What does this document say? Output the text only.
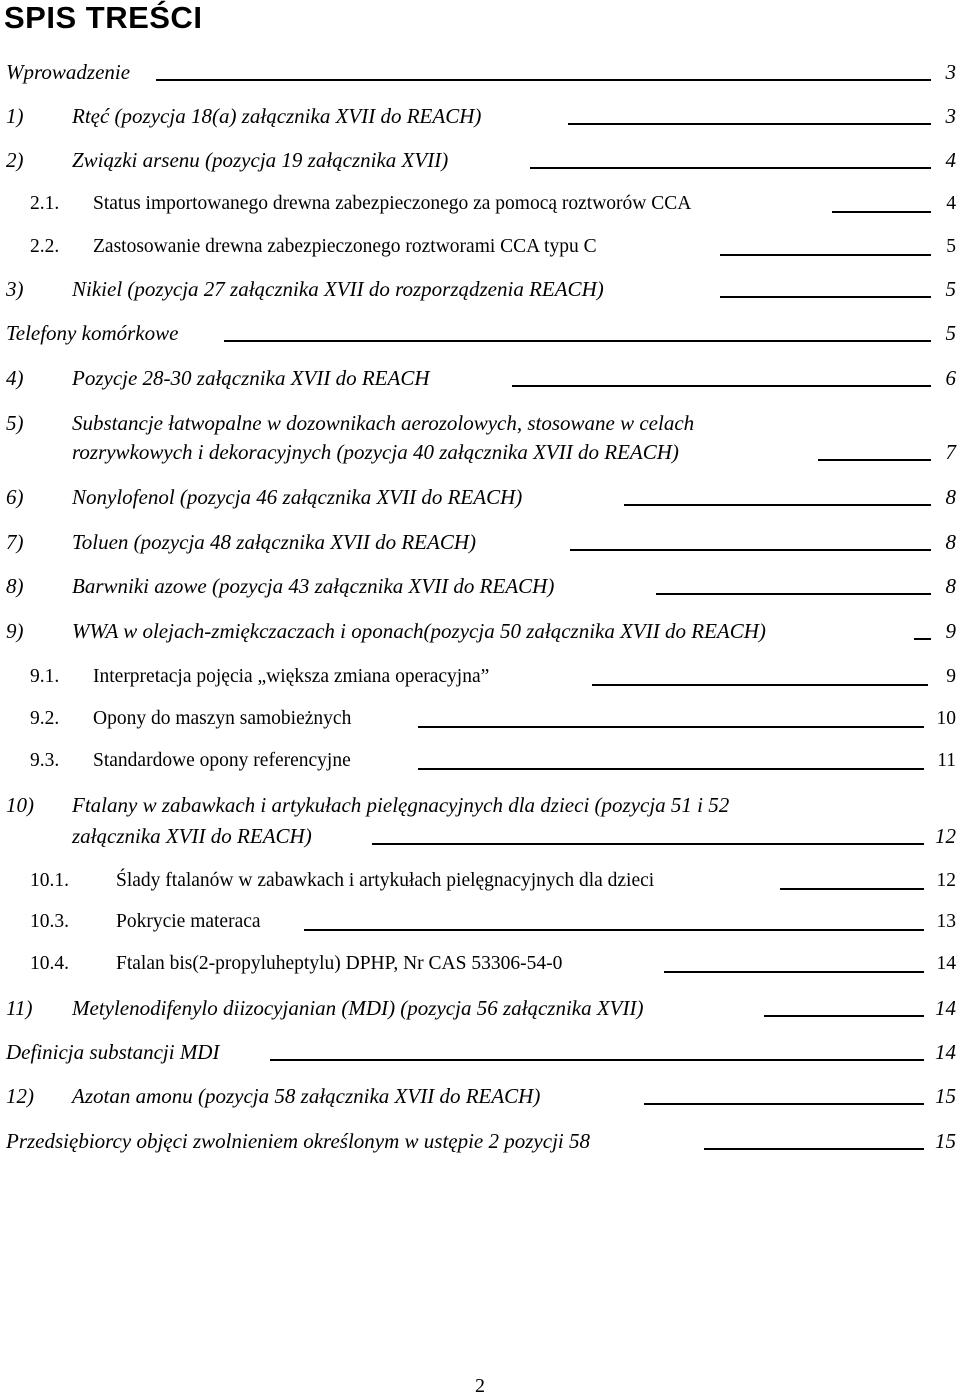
SPIS TREŚCI
Wprowadzenie	3
1) Rtęć (pozycja 18(a) załącznika XVII do REACH)	3
2) Związki arsenu (pozycja 19 załącznika XVII)	4
2.1. Status importowanego drewna zabezpieczonego za pomocą roztworów CCA	4
2.2. Zastosowanie drewna zabezpieczonego roztworami CCA typu C	5
3) Nikiel (pozycja 27 załącznika XVII do rozporządzenia REACH)	5
Telefony komórkowe	5
4) Pozycje 28-30 załącznika XVII do REACH	6
5) Substancje łatwopalne w dozownikach aerozolowych, stosowane w celach
rozrywkowych i dekoracyjnych (pozycja 40 załącznika XVII do REACH)	7
6) Nonylofenol (pozycja 46 załącznika XVII do REACH)	8
7) Toluen (pozycja 48 załącznika XVII do REACH)	8
8) Barwniki azowe (pozycja 43 załącznika XVII do REACH)	8
9) WWA w olejach-zmiękczaczach i oponach(pozycja 50 załącznika XVII do REACH)	9
9.1. Interpretacja pojęcia „większa zmiana operacyjna”	9
9.2. Opony do maszyn samobieżnych	10
9.3. Standardowe opony referencyjne	11
10) Ftalany w zabawkach i artykułach pielęgnacyjnych dla dzieci (pozycja 51 i 52
załącznika XVII do REACH)	12
10.1. Ślady ftalanów w zabawkach i artykułach pielęgnacyjnych dla dzieci	12
10.3. Pokrycie materaca	13
10.4. Ftalan bis(2-propyluheptylu) DPHP, Nr CAS 53306-54-0	14
11) Metylenodifenylo diizocyjanian (MDI) (pozycja 56 załącznika XVII)	14
Definicja substancji MDI	14
12) Azotan amonu (pozycja 58 załącznika XVII do REACH)	15
Przedsiębiorcy objęci zwolnieniem określonym w ustępie 2 pozycji 58	15
2
